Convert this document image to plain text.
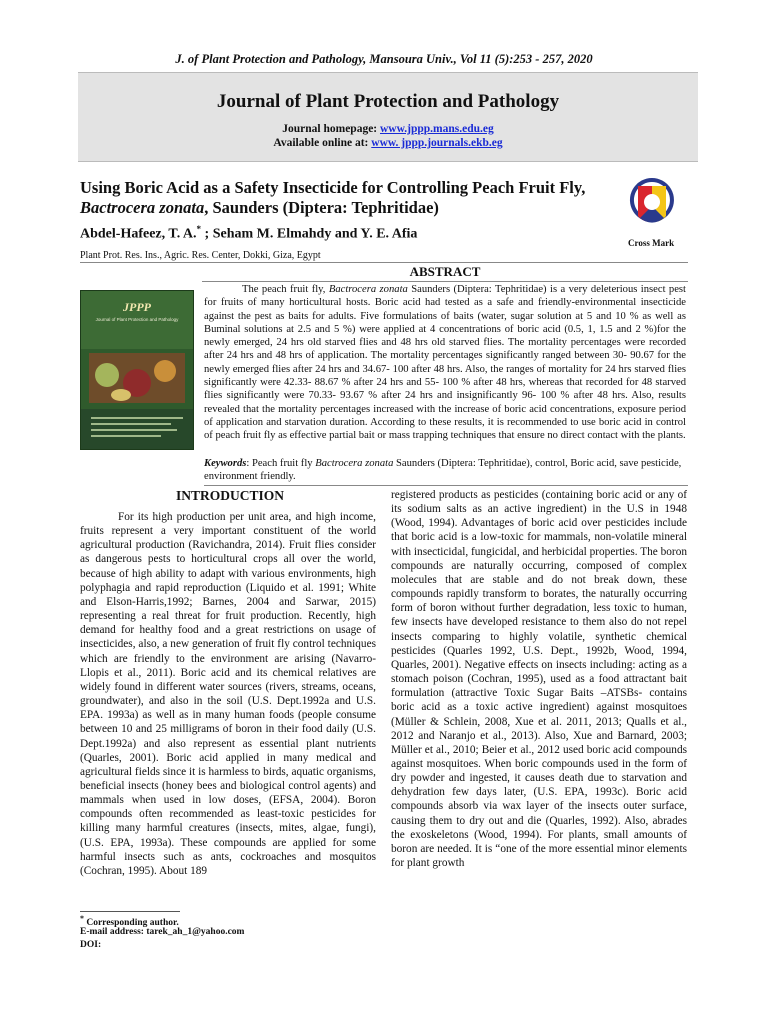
J. of Plant Protection and Pathology, Mansoura Univ., Vol 11 (5):253 - 257, 2020
Journal of Plant Protection and Pathology
Journal homepage: www.jppp.mans.edu.eg
Available online at: www. jppp.journals.ekb.eg
Using Boric Acid as a Safety Insecticide for Controlling Peach Fruit Fly,
Bactrocera zonata, Saunders (Diptera: Tephritidae)
Abdel-Hafeez, T. A.* ; Seham M. Elmahdy and Y. E. Afia
Cross Mark
Plant Prot. Res. Ins., Agric. Res. Center, Dokki, Giza, Egypt
ABSTRACT
JPPP
Journal of Plant Protection and Pathology
The peach fruit fly, Bactrocera zonata Saunders (Diptera: Tephritidae) is a very deleterious insect pest for fruits of many horticultural hosts. Boric acid had tested as a safe and friendly-environmental insecticide against the pest as baits for adults. Five formulations of baits (water, sugar solution at 5 and 10 % as well as Buminal solutions at 2.5 and 5 %) were applied at 4 concentrations of boric acid (0.5, 1, 1.5 and 2 %)for the newly emerged, 24 hrs old starved flies and 48 hrs old starved flies. The mortality percentages were recorded after 24 hrs and 48 hrs of application. The mortality percentages significantly ranged between 30- 90.67 for the newly emerged flies after 24 hrs and 34.67- 100 after 48 hrs. Also, the ranges of mortality for 24 hrs starved flies significantly were 42.33- 88.67 % after 24 hrs and 55- 100 % after 48 hrs, whereas that recorded for 48 starved flies significantly were 70.33- 93.67 % after 24 hrs and insignificantly 96- 100 % after 48 hrs. Also, results revealed that the mortality percentages increased with the increase of boric acid concentrations, exposure period of application and starvation duration. According to these results, it is recommended to use boric acid in control of peach fruit fly as effective partial bait or mass trapping techniques that ensure no direct contact with the plants.
Keywords: Peach fruit fly Bactrocera zonata Saunders (Diptera: Tephritidae), control, Boric acid, save pesticide, environment friendly.
INTRODUCTION

For its high production per unit area, and high income, fruits represent a very important constituent of the world agricultural production (Ravichandra, 2014). Fruit flies consider as dangerous pests to horticultural crops all over the world, because of high ability to adapt with various environments, high polyphagia and rapid reproduction (Liquido et al. 1991; White and Elson-Harris,1992; Barnes, 2004 and Sarwar, 2015) representing a real threat for fruit production. Recently, high demand for healthy food and a great restrictions on usage of insecticides, also, a new generation of fruit fly control techniques which are friendly to the environment are arising (Navarro-Llopis et al., 2011). Boric acid and its chemical relatives are widely found in different water sources (rivers, streams, oceans, groundwater), and also in the soil (U.S. Dept.1992a and U.S. EPA. 1993a) as well as in many human foods (people consume between 10 and 25 milligrams of boron in their food daily (U.S. Dept.1992a) and also represent as essential plant nutrients (Quarles, 2001). Boric acid applied in many medical and agricultural fields since it is harmless to birds, aquatic organisms, beneficial insects (honey bees and biological control agents) and mammals when used in low doses, (EFSA, 2004). Boron compounds often recommended as least-toxic pesticides for killing many harmful creatures (insects, mites, algae, fungi), (U.S. EPA, 1993a). These compounds are applied for some harmful insects such as ants, cockroaches and mosquitos (Cochran, 1995). About 189

registered products as pesticides (containing boric acid or any of its sodium salts as an active ingredient) in the U.S in 1948 (Wood, 1994). Advantages of boric acid over pesticides include that boric acid is a low-toxic for mammals, non-volatile mineral with insecticidal, fungicidal, and herbicidal properties. The boron compounds are naturally occurring, composed of complex molecules that are stable and do not break down, these compounds rapidly transform to borates, the naturally occurring form of boron without further degradation, less toxic to human, few insects have developed resistance to them also do not repel insects comparing to highly volatile, synthetic chemical pesticides (Quarles 1992, U.S. Dept., 1992b, Wood, 1994, Quarles, 2001). Negative effects on insects including: acting as a stomach poison (Cochran, 1995), used as a food attractant bait formulation (attractive Toxic Sugar Baits –ATSBs- contains boric acid as a toxic active ingredient) against mosquitoes (Müller & Schlein, 2008, Xue et al. 2011, 2013; Qualls et al., 2012 and Naranjo et al., 2013). Also, Xue and Barnard, 2003; Müller et al., 2010; Beier et al., 2012 used boric acid compounds against mosquitoes. When boric compounds used in the form of dry powder and ingested, it causes death due to starvation and dehydration few days later, (U.S. EPA, 1993c). Boric acid compounds absorb via wax layer of the insects outer surface, causing them to dry out and die (Quarles, 1992). Also, abrades the exoskeletons (Wood, 1994). For plants, small amounts of boron are needed. It is “one of the more essential minor elements for plant growth

* Corresponding author.
E-mail address: tarek_ah_1@yahoo.com
DOI:
